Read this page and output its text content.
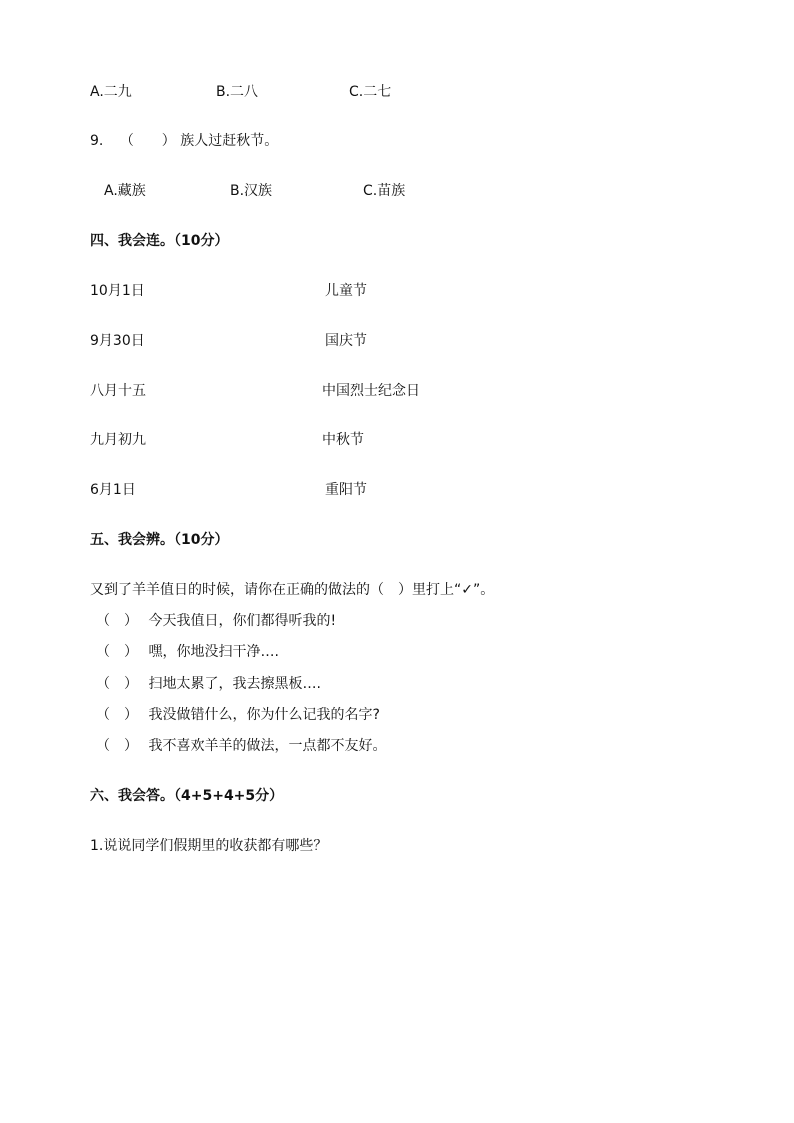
A.二九	B.二八	C.二七
9. （　　） 族人过赶秋节。
A.藏族	B.汉族	C.苗族
四、我会连。（10分）
10月1日
9月30日
八月十五
九月初九
6月1日
儿童节
国庆节
中国烈士纪念日
中秋节
重阳节
五、我会辨。（10分）
又到了羊羊值日的时候，请你在正确的做法的（　）里打上“✓”。
（　） 今天我值日，你们都得听我的!
（　） 嘿，你地没扫干净….
（　） 扫地太累了，我去擦黑板….
（　） 我没做错什么，你为什么记我的名字?
（　） 我不喜欢羊羊的做法，一点都不友好。
六、我会答。（4+5+4+5分）
1.说说同学们假期里的收获都有哪些？
